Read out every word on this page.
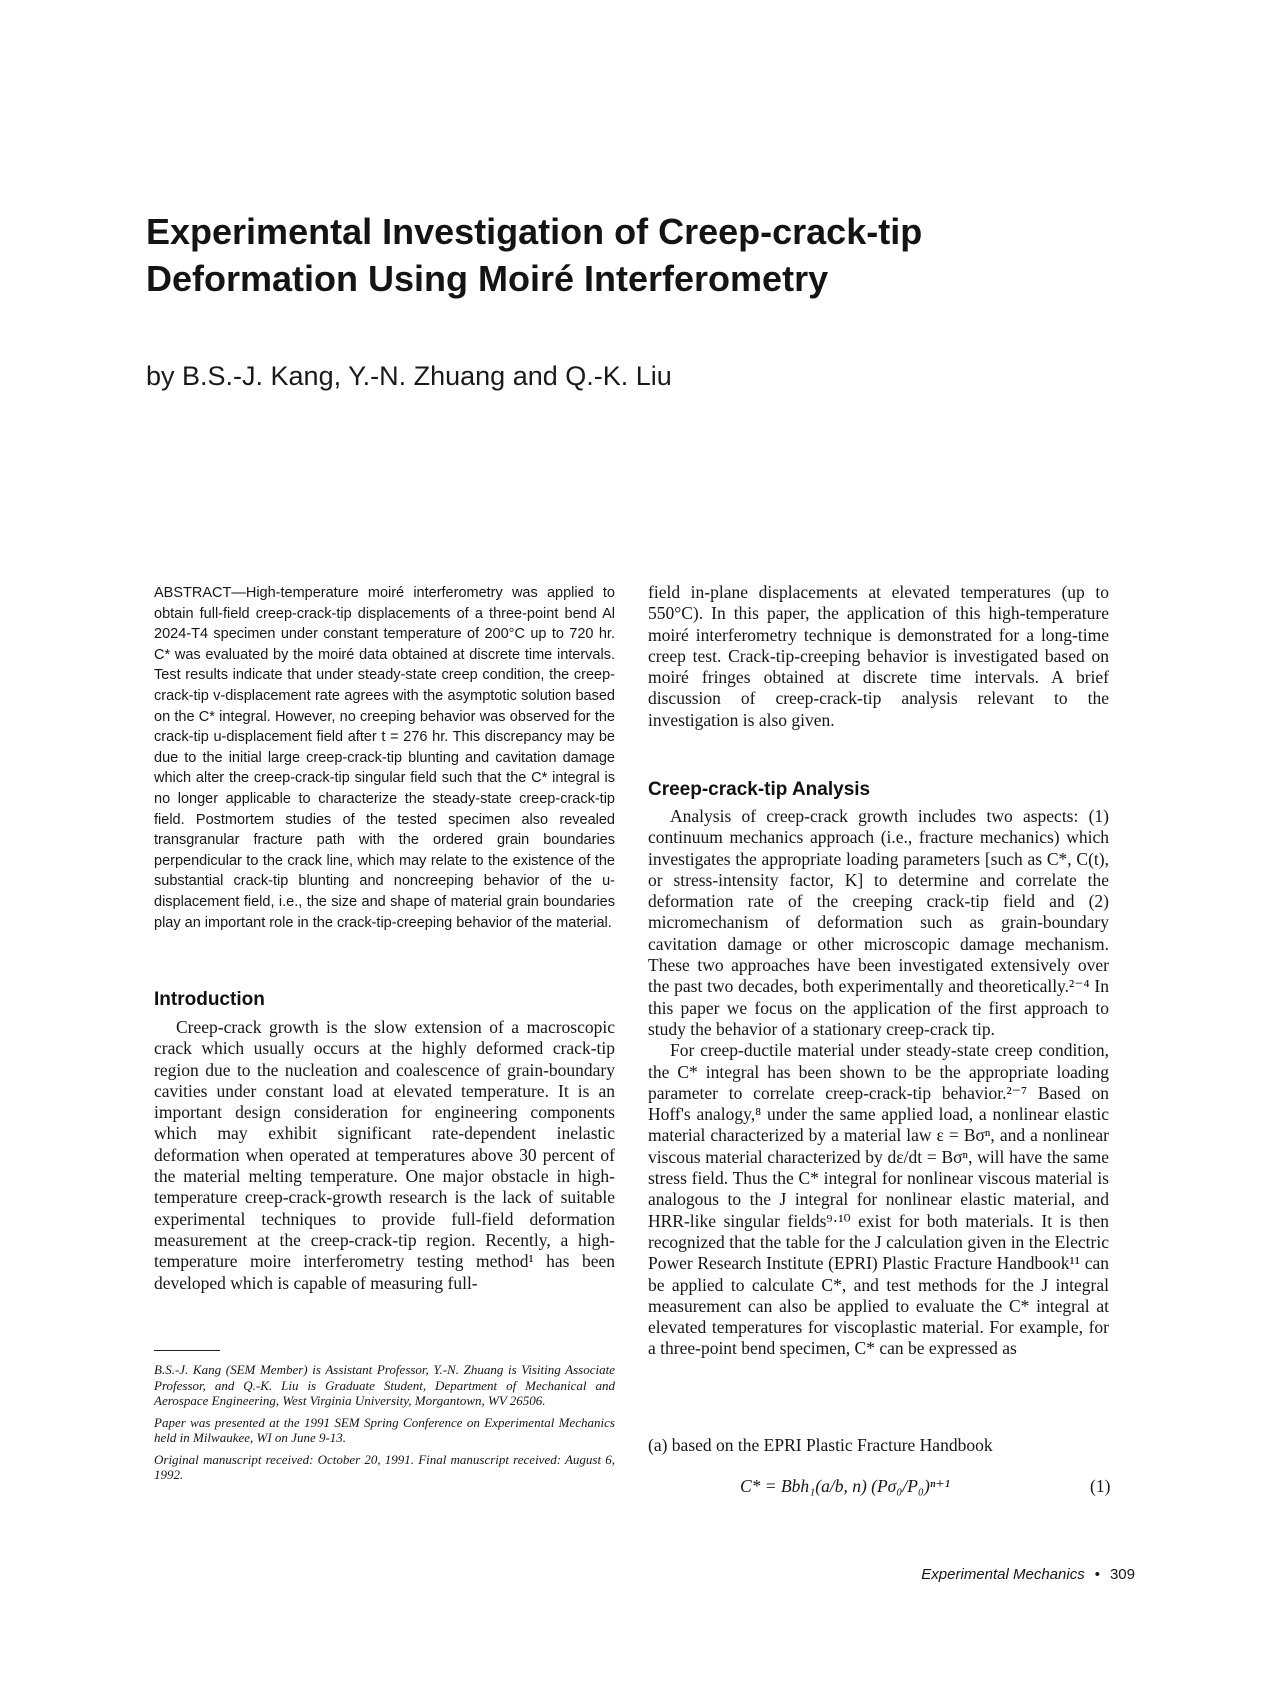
Experimental Investigation of Creep-crack-tip
Deformation Using Moiré Interferometry

by B.S.-J. Kang, Y.-N. Zhuang and Q.-K. Liu

ABSTRACT—High-temperature moiré interferometry was applied to obtain full-field creep-crack-tip displacements of a three-point bend Al 2024-T4 specimen under constant temperature of 200°C up to 720 hr. C* was evaluated by the moiré data obtained at discrete time intervals. Test results indicate that under steady-state creep condition, the creep-crack-tip v-displacement rate agrees with the asymptotic solution based on the C* integral. However, no creeping behavior was observed for the crack-tip u-displacement field after t = 276 hr. This discrepancy may be due to the initial large creep-crack-tip blunting and cavitation damage which alter the creep-crack-tip singular field such that the C* integral is no longer applicable to characterize the steady-state creep-crack-tip field. Postmortem studies of the tested specimen also revealed transgranular fracture path with the ordered grain boundaries perpendicular to the crack line, which may relate to the existence of the substantial crack-tip blunting and noncreeping behavior of the u-displacement field, i.e., the size and shape of material grain boundaries play an important role in the crack-tip-creeping behavior of the material.

Introduction

Creep-crack growth is the slow extension of a macroscopic crack which usually occurs at the highly deformed crack-tip region due to the nucleation and coalescence of grain-boundary cavities under constant load at elevated temperature. It is an important design consideration for engineering components which may exhibit significant rate-dependent inelastic deformation when operated at temperatures above 30 percent of the material melting temperature. One major obstacle in high-temperature creep-crack-growth research is the lack of suitable experimental techniques to provide full-field deformation measurement at the creep-crack-tip region. Recently, a high-temperature moire interferometry testing method¹ has been developed which is capable of measuring full-

B.S.-J. Kang (SEM Member) is Assistant Professor, Y.-N. Zhuang is Visiting Associate Professor, and Q.-K. Liu is Graduate Student, Department of Mechanical and Aerospace Engineering, West Virginia University, Morgantown, WV 26506.

Paper was presented at the 1991 SEM Spring Conference on Experimental Mechanics held in Milwaukee, WI on June 9-13.

Original manuscript received: October 20, 1991. Final manuscript received: August 6, 1992.

field in-plane displacements at elevated temperatures (up to 550°C). In this paper, the application of this high-temperature moiré interferometry technique is demonstrated for a long-time creep test. Crack-tip-creeping behavior is investigated based on moiré fringes obtained at discrete time intervals. A brief discussion of creep-crack-tip analysis relevant to the investigation is also given.

Creep-crack-tip Analysis

Analysis of creep-crack growth includes two aspects: (1) continuum mechanics approach (i.e., fracture mechanics) which investigates the appropriate loading parameters [such as C*, C(t), or stress-intensity factor, K] to determine and correlate the deformation rate of the creeping crack-tip field and (2) micromechanism of deformation such as grain-boundary cavitation damage or other microscopic damage mechanism. These two approaches have been investigated extensively over the past two decades, both experimentally and theoretically.²⁻⁴ In this paper we focus on the application of the first approach to study the behavior of a stationary creep-crack tip.

For creep-ductile material under steady-state creep condition, the C* integral has been shown to be the appropriate loading parameter to correlate creep-crack-tip behavior.²⁻⁷ Based on Hoff's analogy,⁸ under the same applied load, a nonlinear elastic material characterized by a material law ε = Bσⁿ, and a nonlinear viscous material characterized by dε/dt = Bσⁿ, will have the same stress field. Thus the C* integral for nonlinear viscous material is analogous to the J integral for nonlinear elastic material, and HRR-like singular fields⁹·¹⁰ exist for both materials. It is then recognized that the table for the J calculation given in the Electric Power Research Institute (EPRI) Plastic Fracture Handbook¹¹ can be applied to calculate C*, and test methods for the J integral measurement can also be applied to evaluate the C* integral at elevated temperatures for viscoplastic material. For example, for a three-point bend specimen, C* can be expressed as

(a) based on the EPRI Plastic Fracture Handbook

C* = Bbh₁(a/b, n) (Pσ₀/P₀)ⁿ⁺¹	(1)

Experimental Mechanics • 309
